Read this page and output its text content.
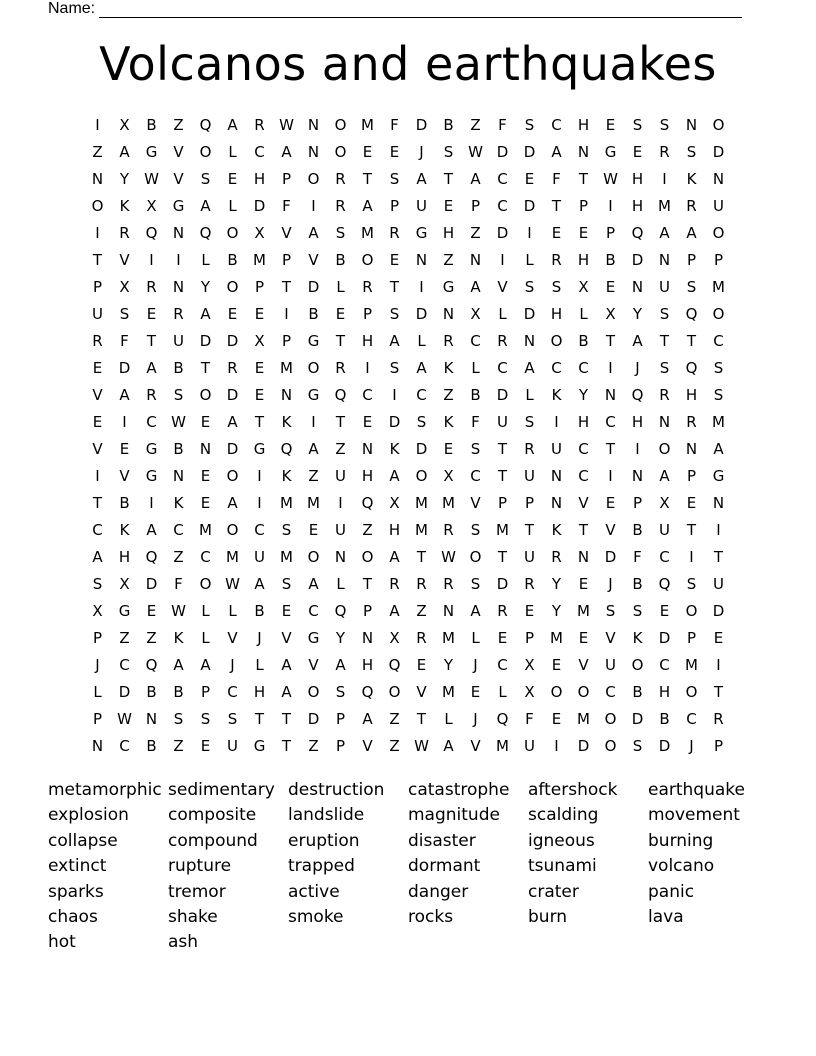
Name:
Volcanos and earthquakes
I	X	B	Z	Q	A	R W N	O M	F	D	B	Z	F	S	C	H	E	S	S	N	O
Z	A	G	V	O	L	C	A	N	O	E	E	J	S W D	D	A	N	G	E	R	S	D
N	Y	W V	S	E	H	P	O	R	T	S	A	T	A	C	E	F	T	W H	I	K	N
O	K	X	G	A	L	D	F	I	R	A	P	U	E	P	C	D	T	P	I	H M	R	U
I	R	Q	N	Q	O	X	V	A	S	M	R	G	H	Z	D	I	E	E	P	Q	A	A	O
T	V	I	I	L	B	M	P	V	B	O	E	N	Z	N	I	L	R	H	B	D	N	P	P
P	X	R	N	Y	O	P	T	D	L	R	T	I	G	A	V	S	S	X	E	N	U	S	M
U	S	E	R	A	E	E	I	B	E	P	S	D	N	X	L	D	H	L	X	Y	S	Q	O
R	F	T	U	D	D	X	P	G	T	H	A	L	R	C	R	N	O	B	T	A	T	T	C
E	D	A	B	T	R	E	M O	R	I	S	A	K	L	C	A	C	C	I	J	S	Q	S
V	A	R	S	O	D	E	N	G	Q	C	I	C	Z	B	D	L	K	Y	N	Q	R	H	S
E	I	C W E	A	T	K	I	T	E	D	S	K	F	U	S	I	H	C	H	N	R	M
V	E	G	B	N	D	G	Q	A	Z	N	K	D	E	S	T	R	U	C	T	I	O	N	A
I	V	G	N	E	O	I	K	Z	U	H	A	O	X	C	T	U	N	C	I	N	A	P	G
T	B	I	K	E	A	I	M M	I	Q	X	M M	V	P	P	N	V	E	P	X	E	N
C	K	A	C	M O	C	S	E	U	Z	H M	R	S	M	T	K	T	V	B	U	T	I
A	H	Q	Z	C	M	U	M O	N	O	A	T	W O	T	U	R	N	D	F	C	I	T
S	X	D	F	O W A	S	A	L	T	R	R	R	S	D	R	Y	E	J	B	Q	S	U
X	G	E W	L	L	B	E	C	Q	P	A	Z	N	A	R	E	Y	M	S	S	E	O	D
P	Z	Z	K	L	V	J	V	G	Y	N	X	R	M	L	E	P	M	E	V	K	D	P	E
J	C	Q	A	A	J	L	A	V	A	H	Q	E	Y	J	C	X	E	V	U	O	C	M	I
L	D	B	B	P	C	H	A	O	S	Q	O	V	M	E	L	X	O	O	C	B	H	O	T
P	W N	S	S	S	T	T	D	P	A	Z	T	L	J	Q	F	E	M O	D	B	C	R
N	C	B	Z	E	U	G	T	Z	P	V	Z W A	V	M	U	I	D	O	S	D	J	P
metamorphic sedimentary destruction	catastrophe	aftershock	earthquake
explosion	composite	landslide	magnitude	scalding	movement
collapse	compound	eruption	disaster	igneous	burning
extinct	rupture	trapped	dormant	tsunami	volcano
sparks	tremor	active	danger	crater	panic
chaos	shake	smoke	rocks	burn	lava
hot	ash
